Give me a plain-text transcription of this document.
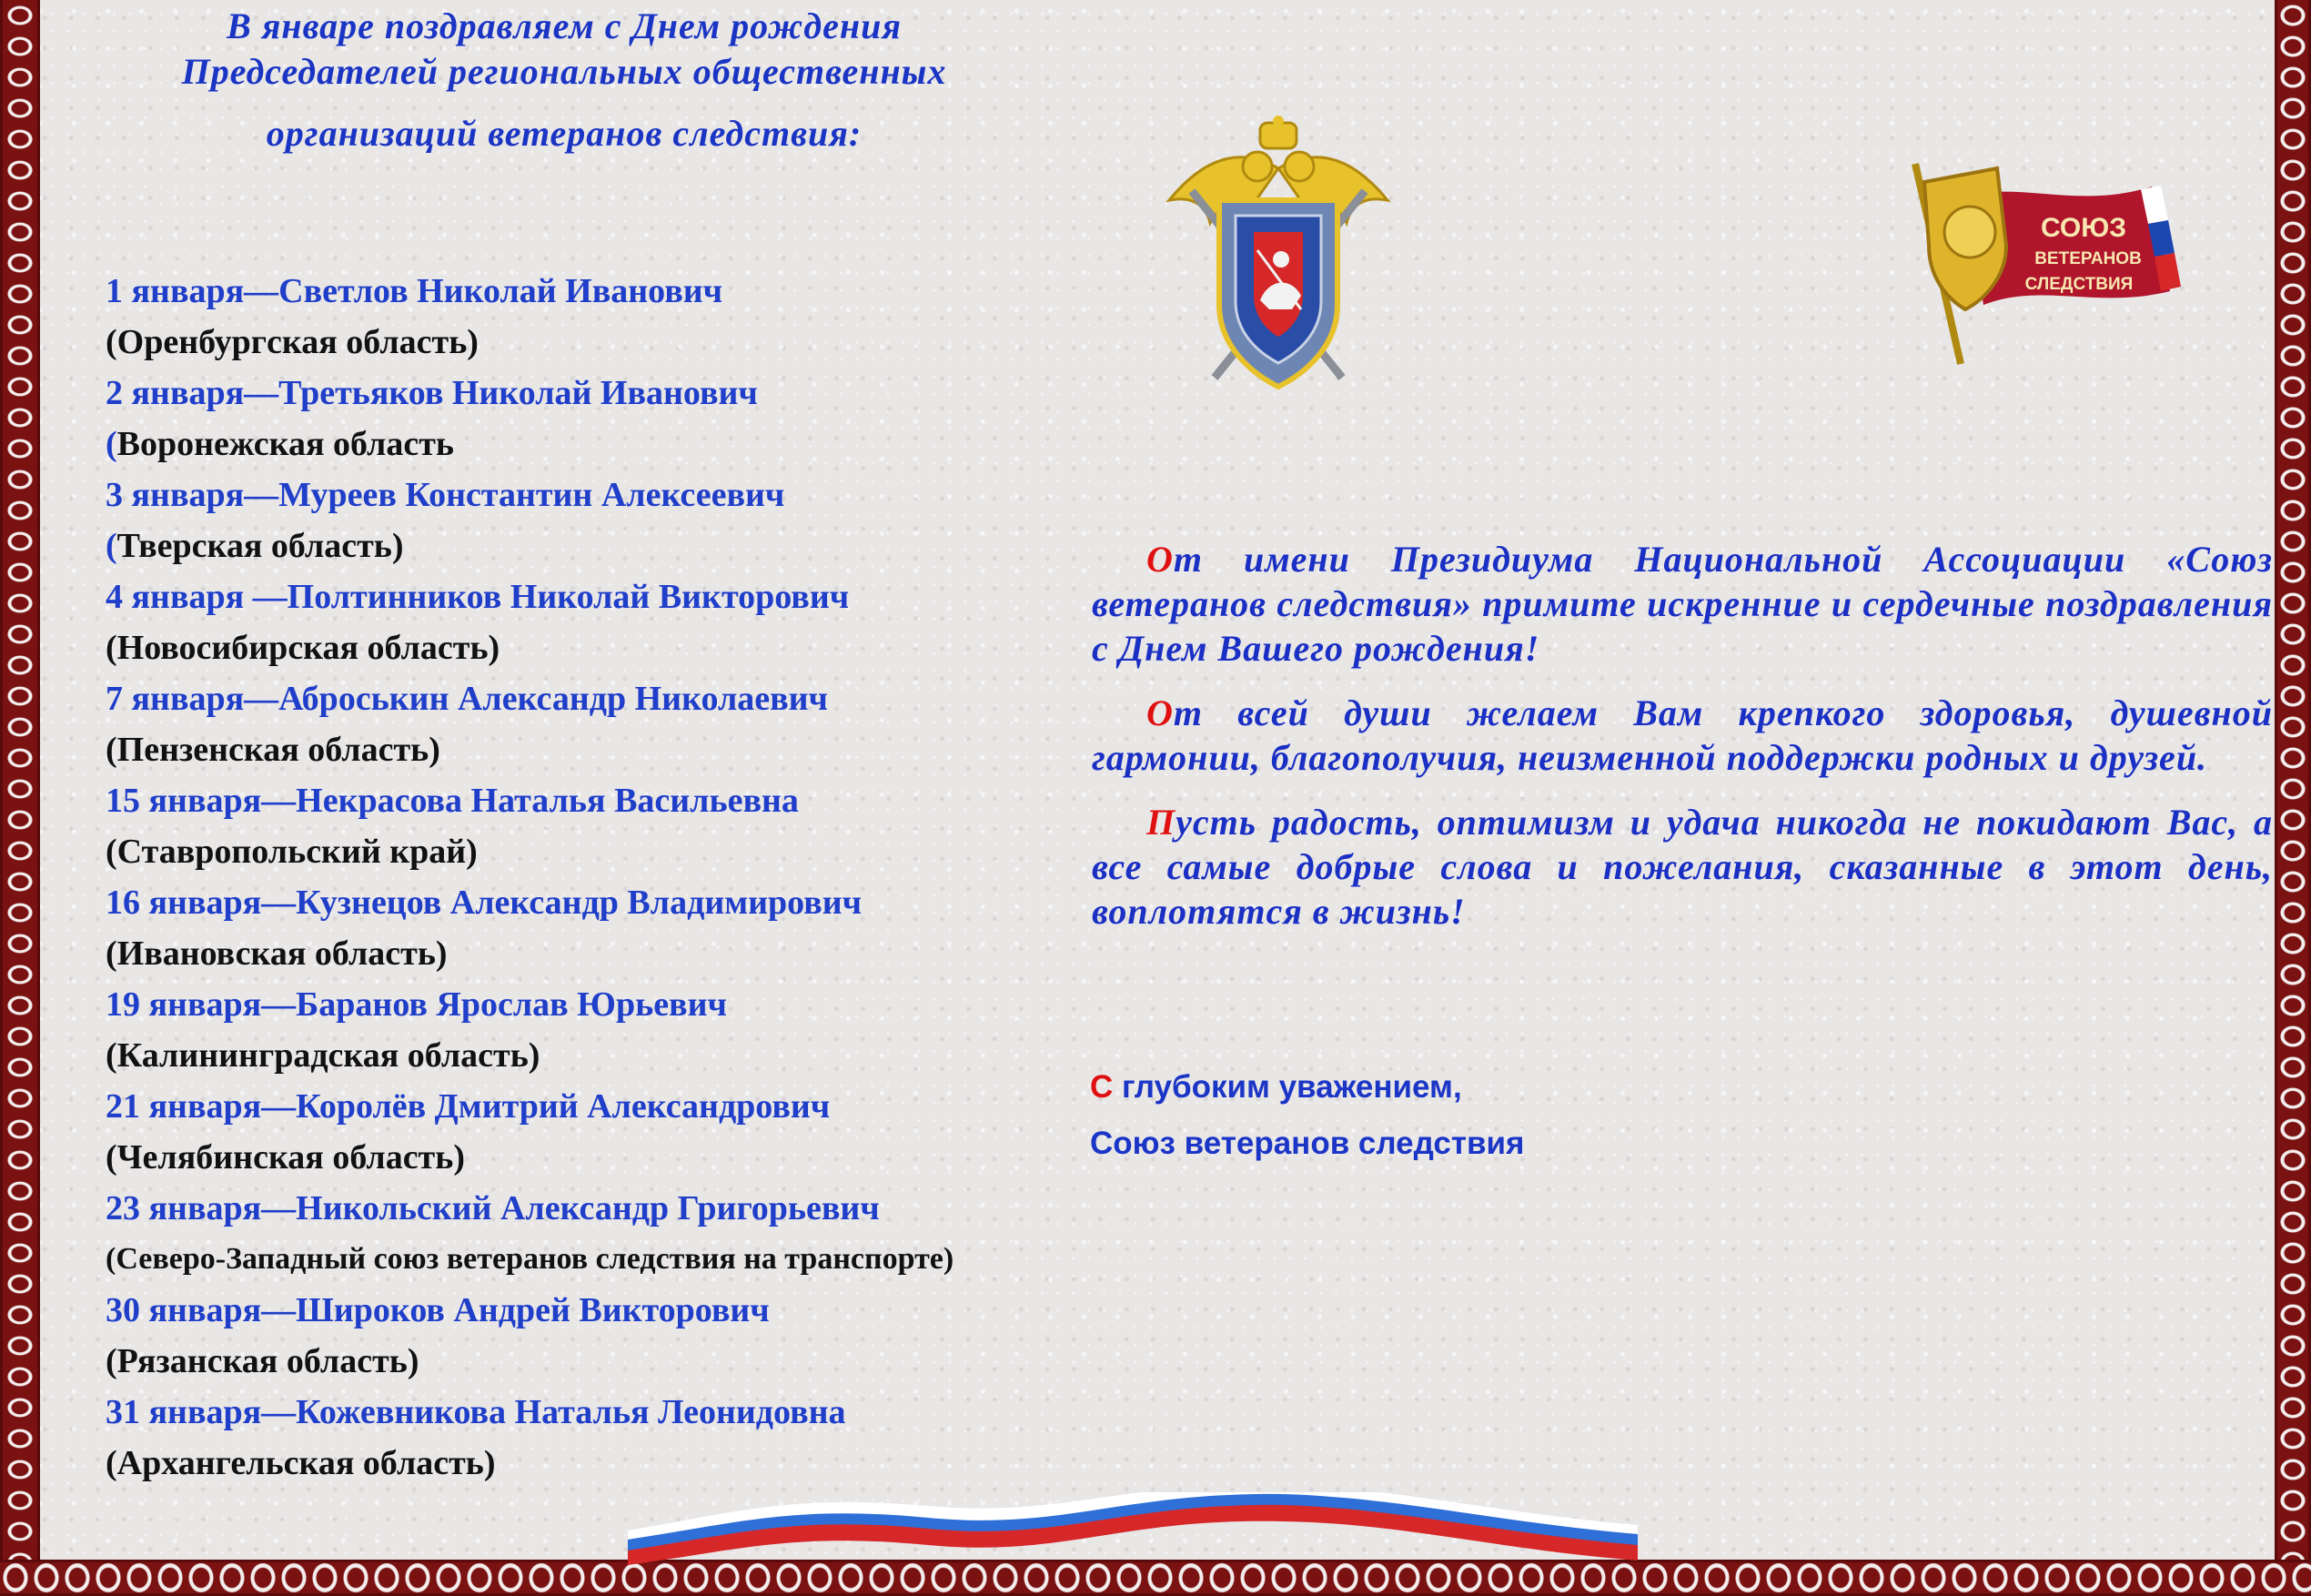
В январе поздравляем с Днем рождения
Председателей региональных общественных
организаций ветеранов следствия:
1 января—Светлов Николай Иванович
(Оренбургская область)
2 января—Третьяков Николай Иванович
(Воронежская область
3 января—Муреев Константин Алексеевич
(Тверская область)
4 января —Полтинников Николай Викторович
(Новосибирская область)
7 января—Аброськин Александр Николаевич
(Пензенская область)
15 января—Некрасова Наталья Васильевна
(Ставропольский край)
16 января—Кузнецов Александр Владимирович
(Ивановская область)
19 января—Баранов Ярослав Юрьевич
(Калининградская область)
21 января—Королёв Дмитрий Александрович
(Челябинская область)
23 января—Никольский Александр Григорьевич
(Северо-Западный союз ветеранов следствия на транспорте)
30 января—Широков Андрей Викторович
(Рязанская область)
31 января—Кожевникова Наталья Леонидовна
(Архангельская область)
СОЮЗ
ВЕТЕРАНОВ
СЛЕДСТВИЯ

От имени Президиума Национальной Ассоциации «Союз ветеранов следствия» примите искренние и сердечные поздравления с Днем Вашего рождения!

От всей души желаем Вам крепкого здоровья, душевной гармонии, благополучия, неизменной поддержки родных и друзей.

Пусть радость, оптимизм и удача никогда не покидают Вас, а все самые добрые слова и пожелания, сказанные в этот день, воплотятся в жизнь!

С глубоким уважением,
Союз ветеранов следствия
